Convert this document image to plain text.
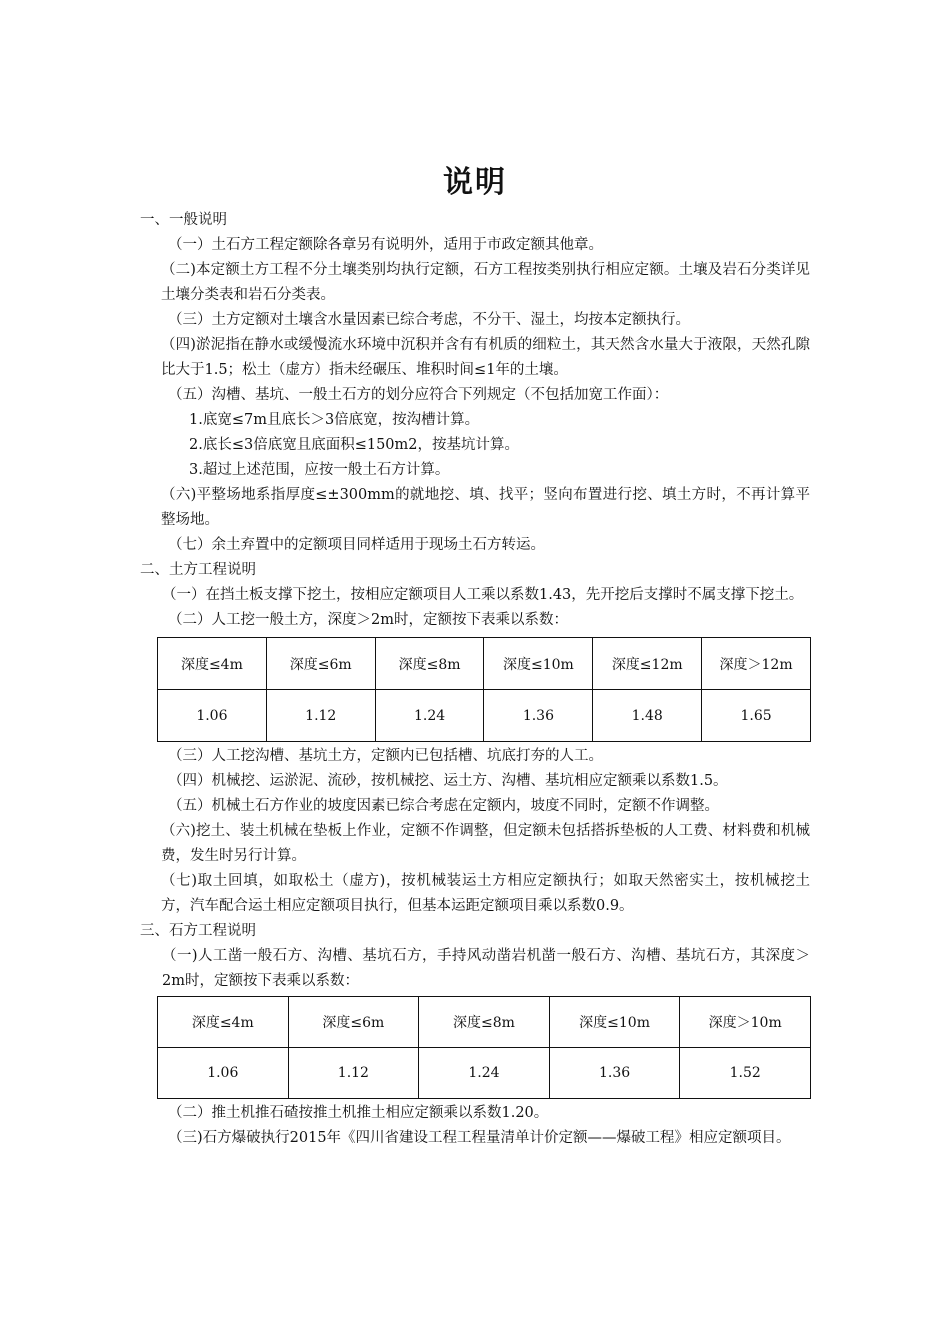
说明
一、一般说明
（一）土石方工程定额除各章另有说明外，适用于市政定额其他章。
（二)本定额土方工程不分土壤类别均执行定额，石方工程按类别执行相应定额。土壤及岩石分类详见土壤分类表和岩石分类表。
（三）土方定额对土壤含水量因素已综合考虑，不分干、湿土，均按本定额执行。
（四)淤泥指在静水或缓慢流水环境中沉积并含有有机质的细粒土，其天然含水量大于液限，天然孔隙比大于1.5；松土（虚方）指未经碾压、堆积时间≤1年的土壤。
（五）沟槽、基坑、一般土石方的划分应符合下列规定（不包括加宽工作面）：
1.底宽≤7m且底长＞3倍底宽，按沟槽计算。
2.底长≤3倍底宽且底面积≤150m2，按基坑计算。
3.超过上述范围，应按一般土石方计算。
（六)平整场地系指厚度≤±300mm的就地挖、填、找平；竖向布置进行挖、填土方时，不再计算平整场地。
（七）余土弃置中的定额项目同样适用于现场土石方转运。
二、土方工程说明
（一）在挡土板支撑下挖土，按相应定额项目人工乘以系数1.43，先开挖后支撑时不属支撑下挖土。
（二）人工挖一般土方，深度＞2m时，定额按下表乘以系数：
深度≤4m	深度≤6m	深度≤8m	深度≤10m	深度≤12m	深度＞12m
1.06	1.12	1.24	1.36	1.48	1.65
（三）人工挖沟槽、基坑土方，定额内已包括槽、坑底打夯的人工。
（四）机械挖、运淤泥、流砂，按机械挖、运土方、沟槽、基坑相应定额乘以系数1.5。
（五）机械土石方作业的坡度因素已综合考虑在定额内，坡度不同时，定额不作调整。
（六)挖土、装土机械在垫板上作业，定额不作调整，但定额未包括搭拆垫板的人工费、材料费和机械费，发生时另行计算。
（七)取土回填，如取松土（虚方)，按机械装运土方相应定额执行；如取天然密实土，按机械挖土方，汽车配合运土相应定额项目执行，但基本运距定额项目乘以系数0.9。
三、石方工程说明
（一)人工凿一般石方、沟槽、基坑石方，手持风动凿岩机凿一般石方、沟槽、基坑石方，其深度＞2m时，定额按下表乘以系数：
深度≤4m	深度≤6m	深度≤8m	深度≤10m	深度＞10m
1.06	1.12	1.24	1.36	1.52
（二）推土机推石碴按推土机推土相应定额乘以系数1.20。
（三)石方爆破执行2015年《四川省建设工程工程量清单计价定额——爆破工程》相应定额项目。
